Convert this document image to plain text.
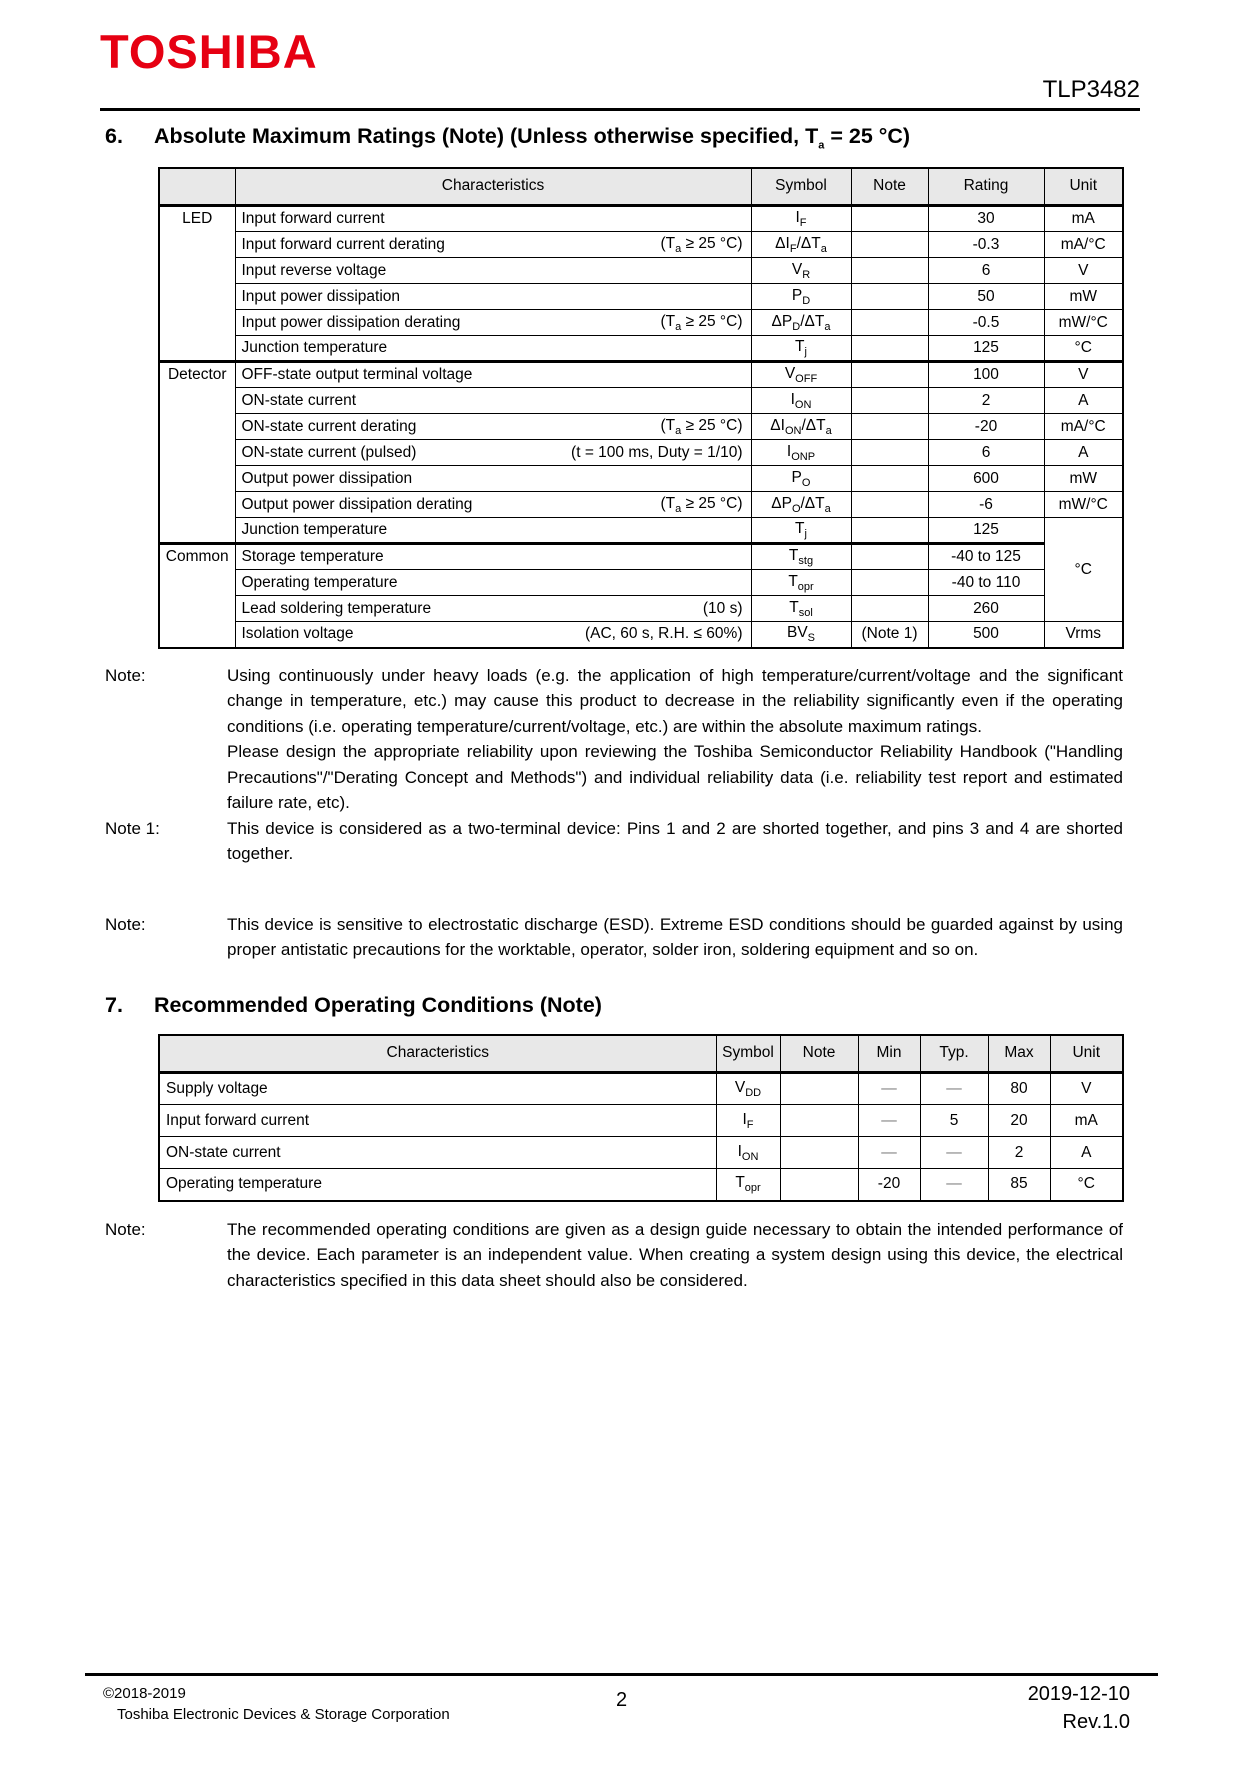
TOSHIBA
TLP3482
6.	Absolute Maximum Ratings (Note) (Unless otherwise specified, $T_a = 25$ °C)
	Characteristics	Symbol	Note	Rating	Unit
LED	Input forward current	$I_F$		30	mA

	Input forward current derating ($T_a \ge 25$ °C)	$\Delta I_F/\Delta T_a$		-0.3	mA/°C

	Input reverse voltage	$V_R$		6	V

	Input power dissipation	$P_D$		50	mW

	Input power dissipation derating ($T_a \ge 25$ °C)	$\Delta P_D/\Delta T_a$		-0.5	mW/°C

	Junction temperature	$T_j$		125	°C
Detector	OFF-state output terminal voltage	$V_{OFF}$		100	V

	ON-state current	$I_{ON}$		2	A

	ON-state current derating ($T_a \ge 25$ °C)	$\Delta I_{ON}/\Delta T_a$		-20	mA/°C

	ON-state current (pulsed) (t = 100 ms, Duty = 1/10)	$I_{ONP}$		6	A

	Output power dissipation	$P_O$		600	mW

	Output power dissipation derating ($T_a \ge 25$ °C)	$\Delta P_O/\Delta T_a$		-6	mW/°C

	Junction temperature	$T_j$		125	°C
Common	Storage temperature	$T_{stg}$		-40 to 125	

	Operating temperature	$T_{opr}$		-40 to 110	

	Lead soldering temperature (10 s)	$T_{sol}$		260	

	Isolation voltage (AC, 60 s, R.H. ≤ 60%)	$BV_S$	(Note 1)	500	Vrms
Note:	Using continuously under heavy loads (e.g. the application of high temperature/current/voltage and the significant change in temperature, etc.) may cause this product to decrease in the reliability significantly even if the operating conditions (i.e. operating temperature/current/voltage, etc.) are within the absolute maximum ratings.

Please design the appropriate reliability upon reviewing the Toshiba Semiconductor Reliability Handbook ("Handling Precautions"/"Derating Concept and Methods") and individual reliability data (i.e. reliability test report and estimated failure rate, etc).

Note 1:	This device is considered as a two-terminal device: Pins 1 and 2 are shorted together, and pins 3 and 4 are shorted together.

Note:	This device is sensitive to electrostatic discharge (ESD). Extreme ESD conditions should be guarded against by using proper antistatic precautions for the worktable, operator, solder iron, soldering equipment and so on.

7.	Recommended Operating Conditions (Note)
Characteristics	Symbol	Note	Min	Typ.	Max	Unit

Supply voltage	$V_{DD}$		—	—	80	V

Input forward current	$I_F$		—	5	20	mA

ON-state current	$I_{ON}$		—	—	2	A

Operating temperature	$T_{opr}$		-20	—	85	°C
Note:	The recommended operating conditions are given as a design guide necessary to obtain the intended performance of the device. Each parameter is an independent value. When creating a system design using this device, the electrical characteristics specified in this data sheet should also be considered.

©2018-2019
Toshiba Electronic Devices & Storage Corporation
2	2019-12-10
Rev.1.0
